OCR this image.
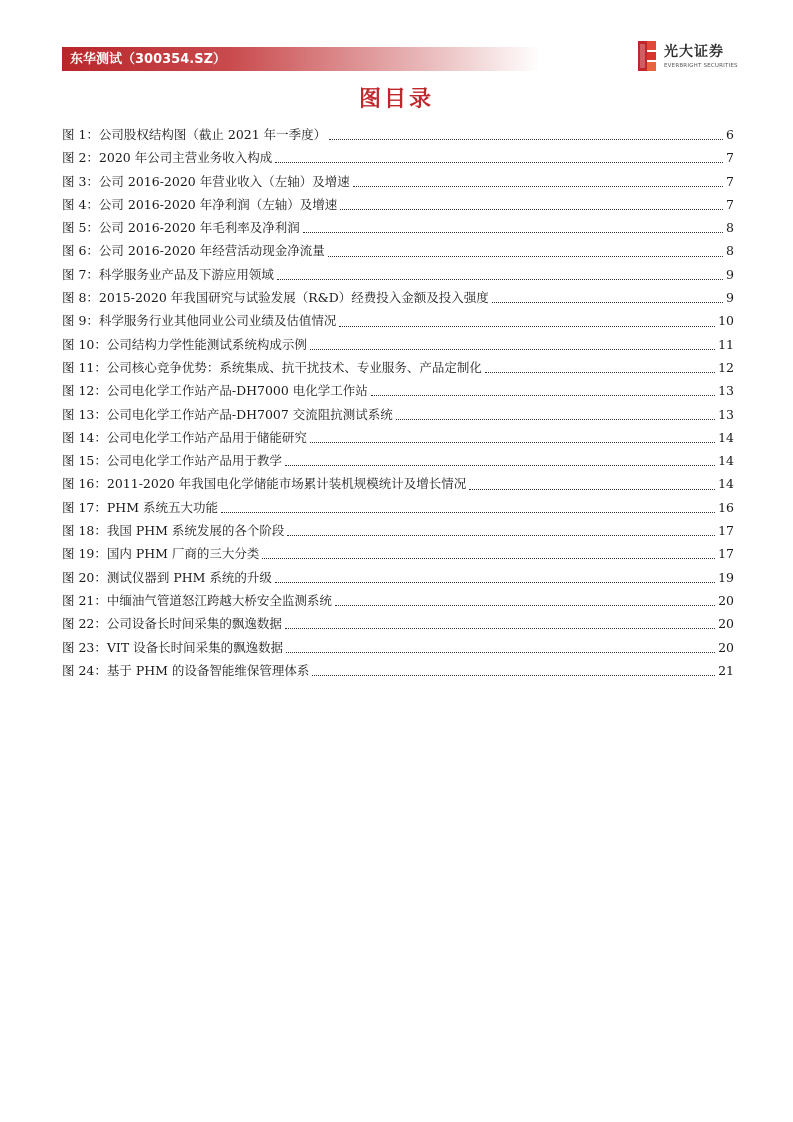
东华测试（300354.SZ）	光大证券
EVERBRIGHT SECURITIES
图目录
图 1：公司股权结构图（截止 2021 年一季度）	6
图 2：2020 年公司主营业务收入构成	7
图 3：公司 2016-2020 年营业收入（左轴）及增速	7
图 4：公司 2016-2020 年净利润（左轴）及增速	7
图 5：公司 2016-2020 年毛利率及净利润	8
图 6：公司 2016-2020 年经营活动现金净流量	8
图 7：科学服务业产品及下游应用领域	9
图 8：2015-2020 年我国研究与试验发展（R&D）经费投入金额及投入强度	9
图 9：科学服务行业其他同业公司业绩及估值情况	10
图 10：公司结构力学性能测试系统构成示例	11
图 11：公司核心竞争优势：系统集成、抗干扰技术、专业服务、产品定制化	12
图 12：公司电化学工作站产品-DH7000 电化学工作站	13
图 13：公司电化学工作站产品-DH7007 交流阻抗测试系统	13
图 14：公司电化学工作站产品用于储能研究	14
图 15：公司电化学工作站产品用于教学	14
图 16：2011-2020 年我国电化学储能市场累计装机规模统计及增长情况	14
图 17：PHM 系统五大功能	16
图 18：我国 PHM 系统发展的各个阶段	17
图 19：国内 PHM 厂商的三大分类	17
图 20：测试仪器到 PHM 系统的升级	19
图 21：中缅油气管道怒江跨越大桥安全监测系统	20
图 22：公司设备长时间采集的飘逸数据	20
图 23：VIT 设备长时间采集的飘逸数据	20
图 24：基于 PHM 的设备智能维保管理体系	21
